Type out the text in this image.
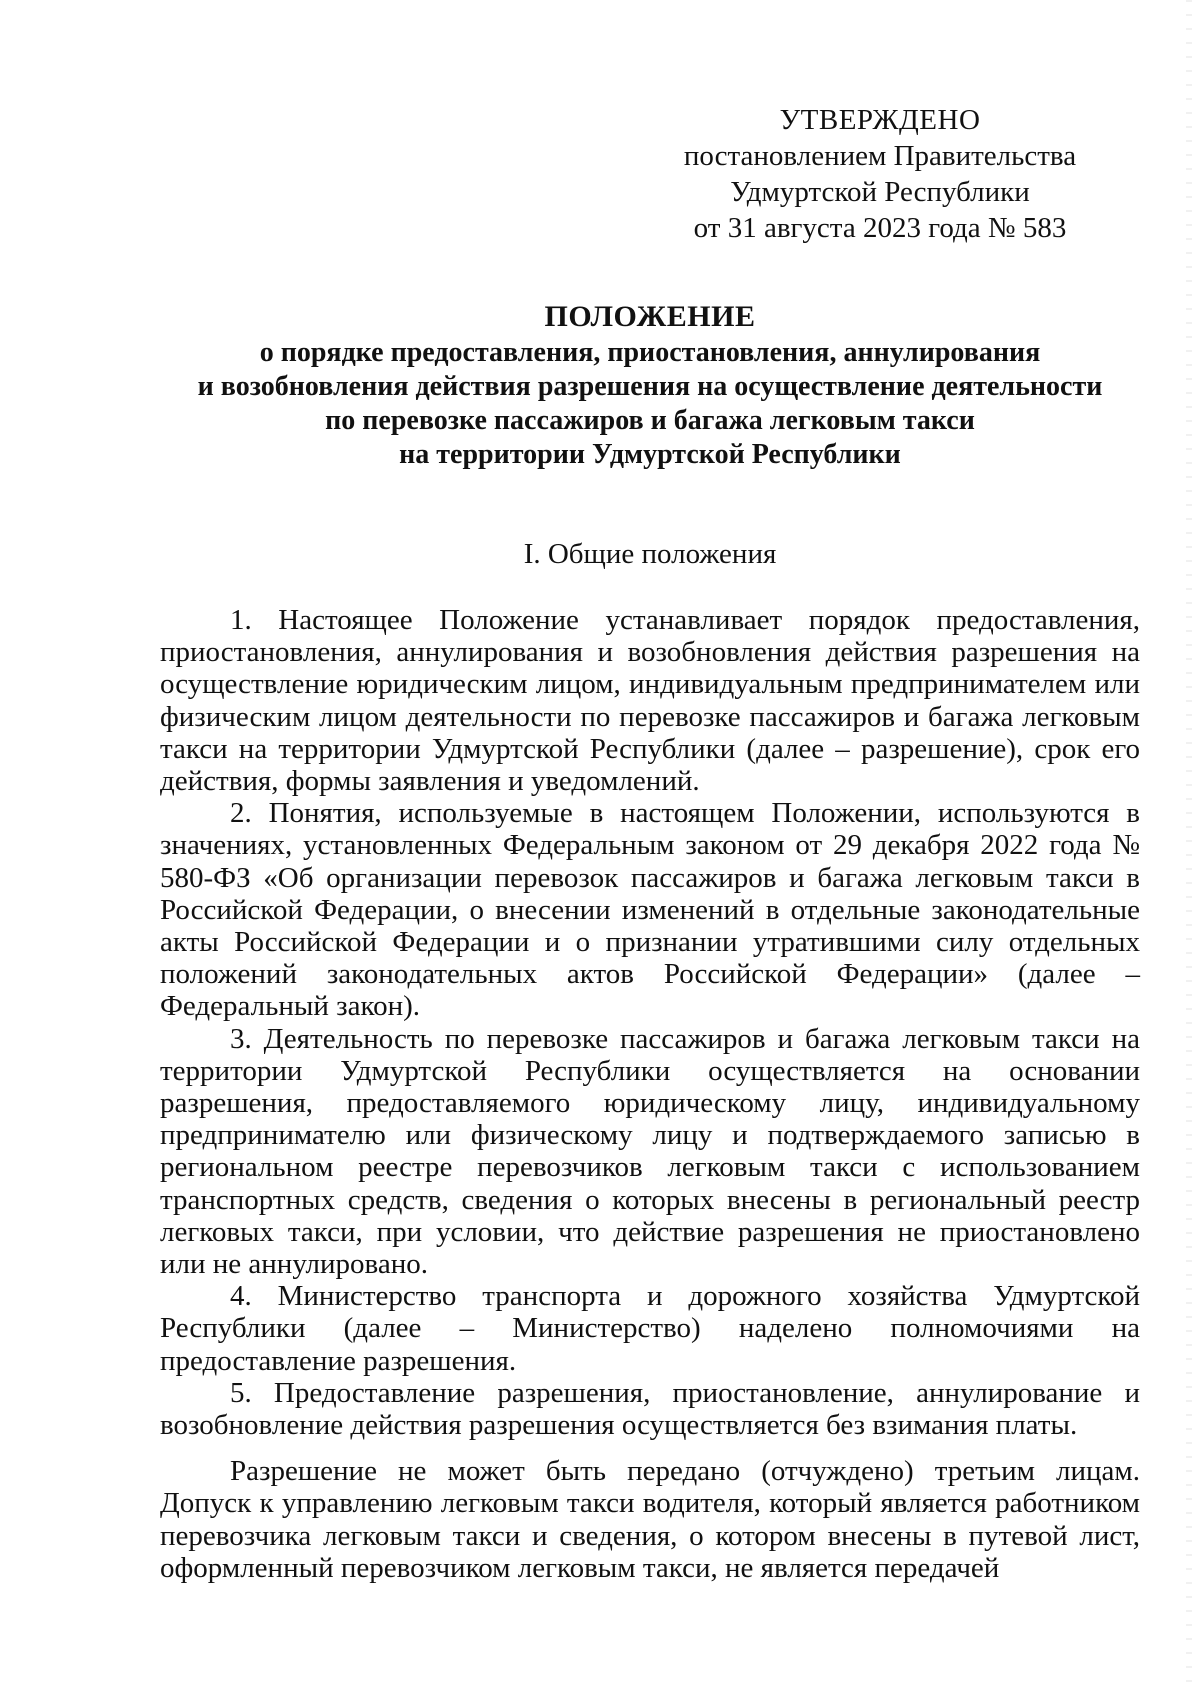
УТВЕРЖДЕНО
постановлением Правительства
Удмуртской Республики
от 31 августа 2023 года № 583
ПОЛОЖЕНИЕ
о порядке предоставления, приостановления, аннулирования
и возобновления действия разрешения на осуществление деятельности
по перевозке пассажиров и багажа легковым такси
на территории Удмуртской Республики
I. Общие положения

1. Настоящее Положение устанавливает порядок предоставления, приостановления, аннулирования и возобновления действия разрешения на осуществление юридическим лицом, индивидуальным предпринимателем или физическим лицом деятельности по перевозке пассажиров и багажа легковым такси на территории Удмуртской Республики (далее – разрешение), срок его действия, формы заявления и уведомлений.

2. Понятия, используемые в настоящем Положении, используются в значениях, установленных Федеральным законом от 29 декабря 2022 года № 580-ФЗ «Об организации перевозок пассажиров и багажа легковым такси в Российской Федерации, о внесении изменений в отдельные законодательные акты Российской Федерации и о признании утратившими силу отдельных положений законодательных актов Российской Федерации» (далее – Федеральный закон).

3. Деятельность по перевозке пассажиров и багажа легковым такси на территории Удмуртской Республики осуществляется на основании разрешения, предоставляемого юридическому лицу, индивидуальному предпринимателю или физическому лицу и подтверждаемого записью в региональном реестре перевозчиков легковым такси с использованием транспортных средств, сведения о которых внесены в региональный реестр легковых такси, при условии, что действие разрешения не приостановлено или не аннулировано.

4. Министерство транспорта и дорожного хозяйства Удмуртской Республики (далее – Министерство) наделено полномочиями на предоставление разрешения.

5. Предоставление разрешения, приостановление, аннулирование и возобновление действия разрешения осуществляется без взимания платы.

Разрешение не может быть передано (отчуждено) третьим лицам. Допуск к управлению легковым такси водителя, который является работником перевозчика легковым такси и сведения, о котором внесены в путевой лист, оформленный перевозчиком легковым такси, не является передачей
